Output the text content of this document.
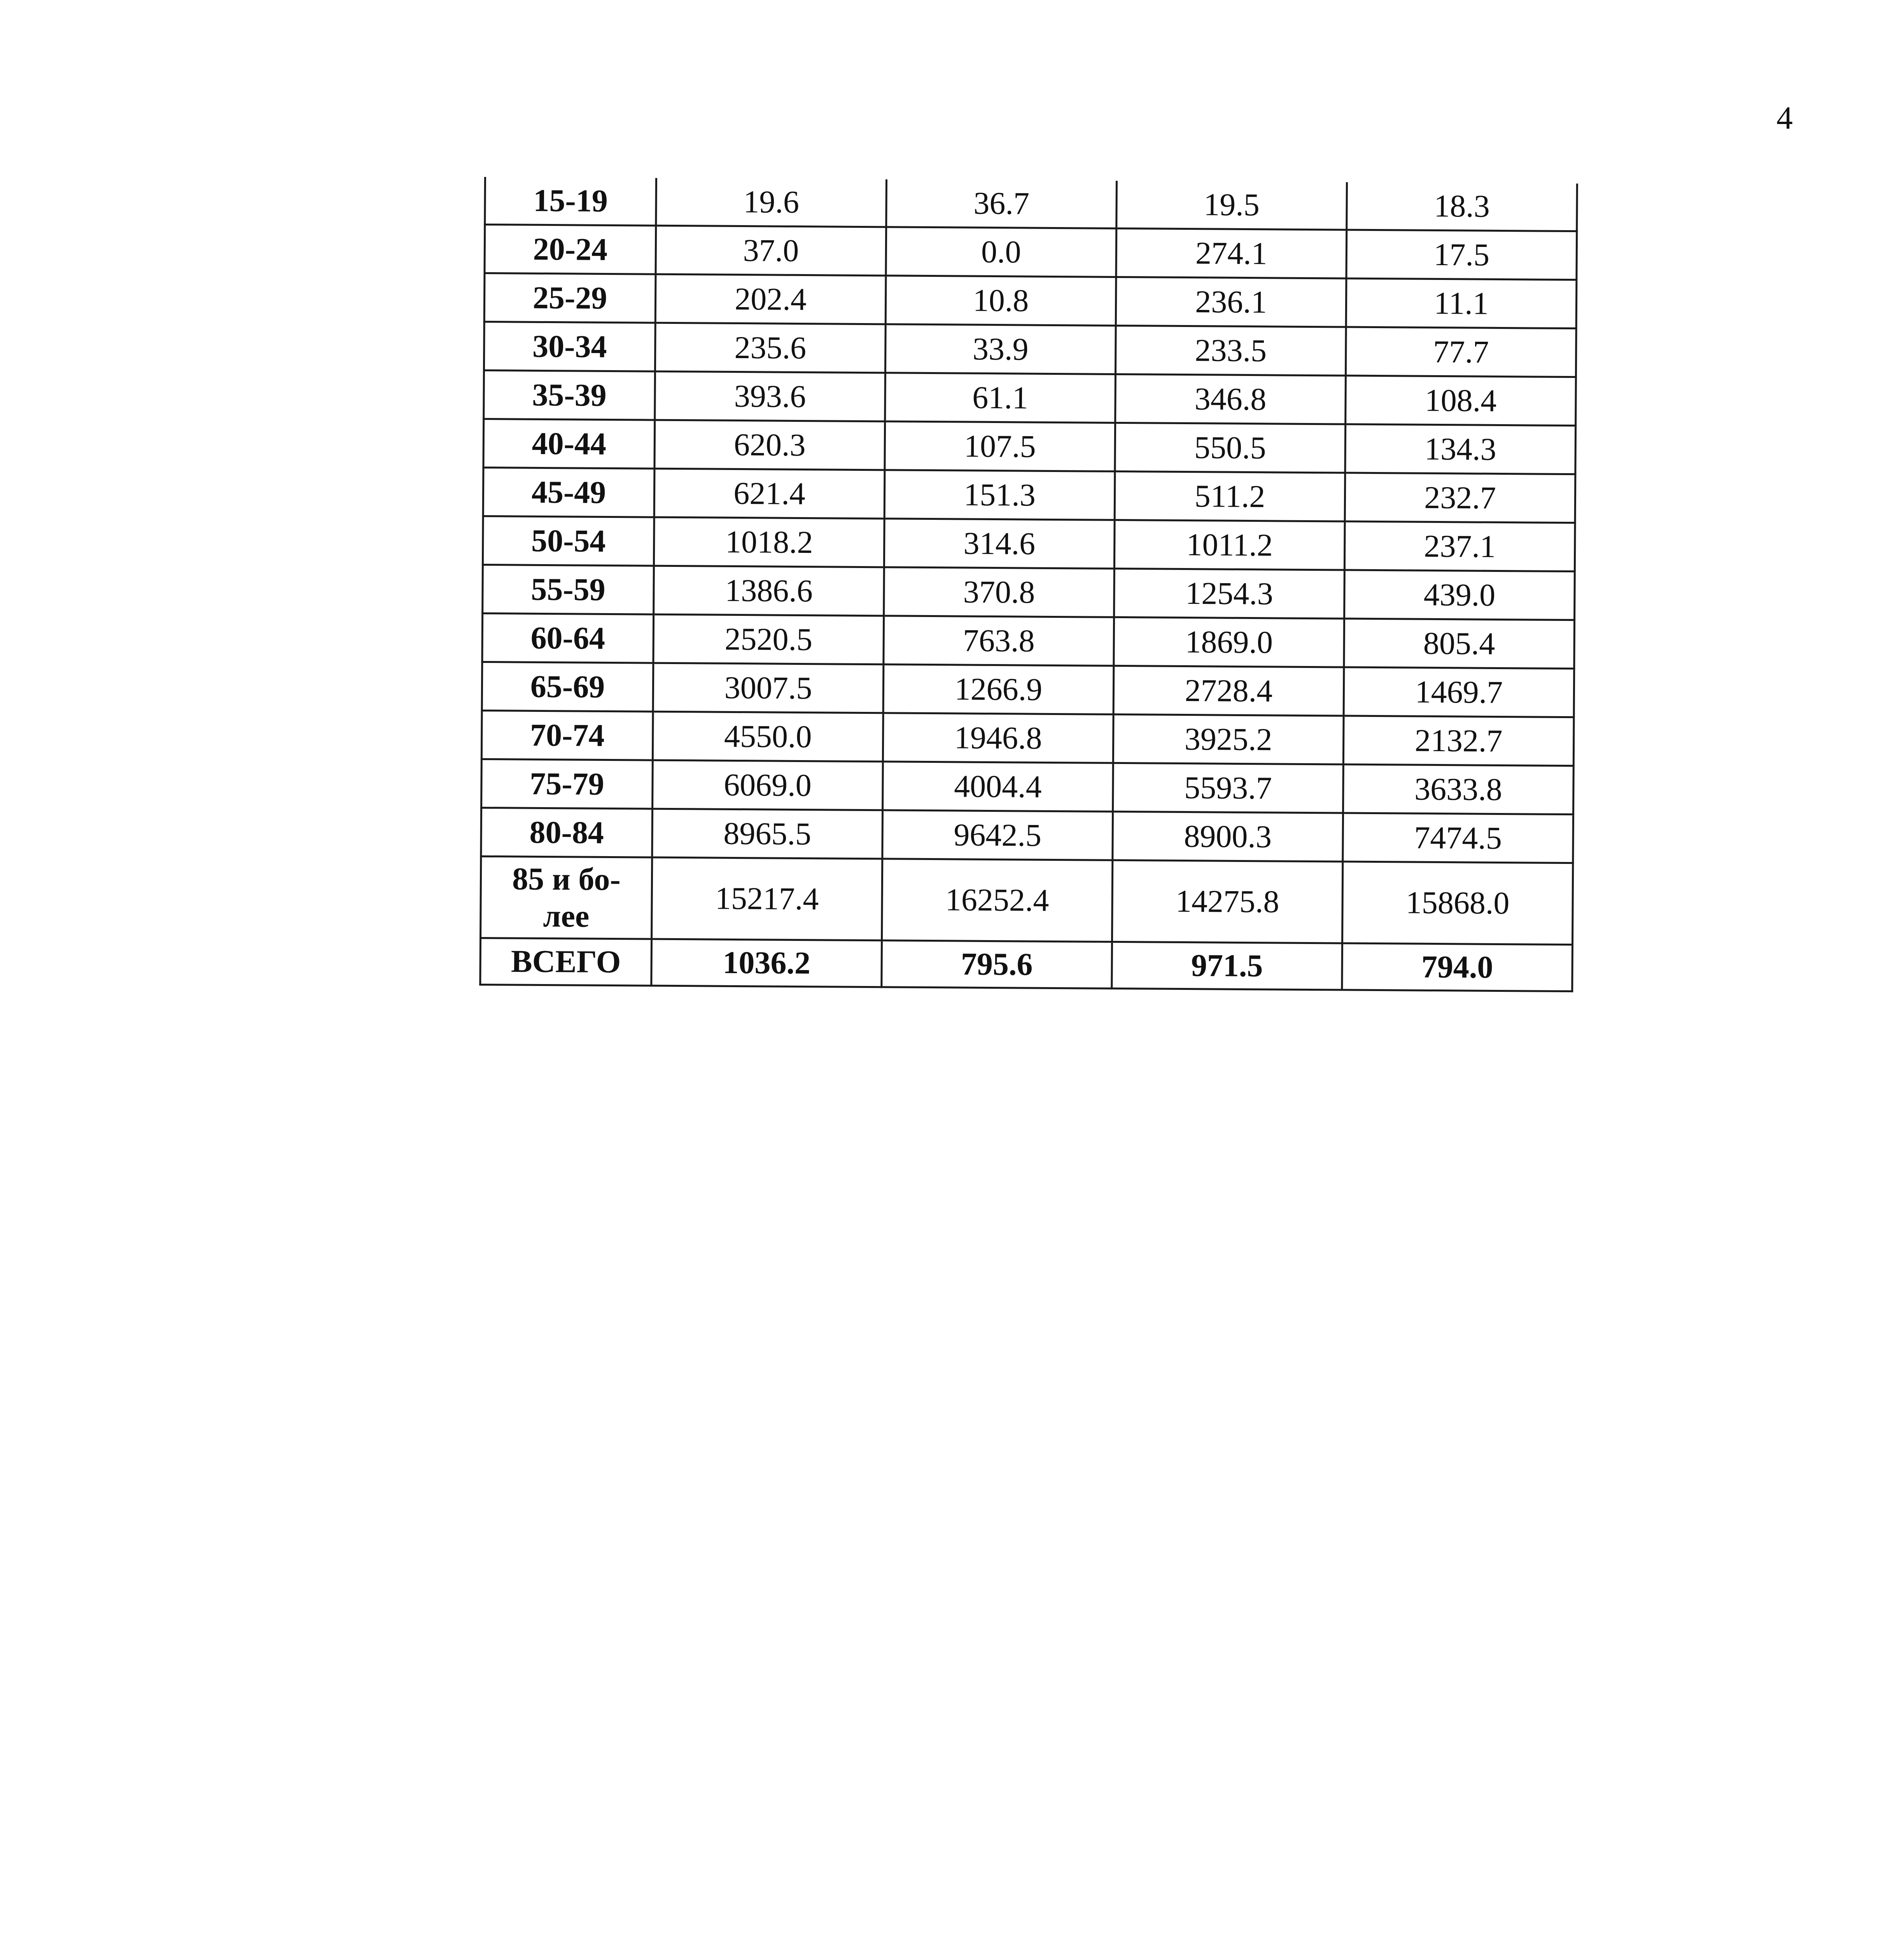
4
15-19	19.6	36.7	19.5	18.3
20-24	37.0	0.0	274.1	17.5
25-29	202.4	10.8	236.1	11.1
30-34	235.6	33.9	233.5	77.7
35-39	393.6	61.1	346.8	108.4
40-44	620.3	107.5	550.5	134.3
45-49	621.4	151.3	511.2	232.7
50-54	1018.2	314.6	1011.2	237.1
55-59	1386.6	370.8	1254.3	439.0
60-64	2520.5	763.8	1869.0	805.4
65-69	3007.5	1266.9	2728.4	1469.7
70-74	4550.0	1946.8	3925.2	2132.7
75-79	6069.0	4004.4	5593.7	3633.8
80-84	8965.5	9642.5	8900.3	7474.5
85 и бо-
лее	15217.4	16252.4	14275.8	15868.0
ВСЕГО	1036.2	795.6	971.5	794.0
